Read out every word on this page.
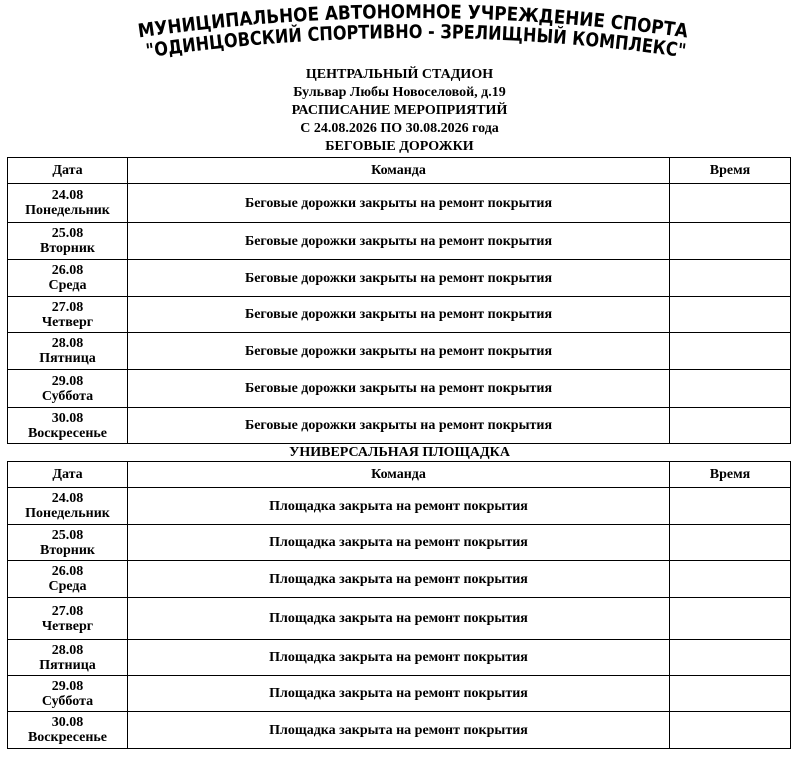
МУНИЦИПАЛЬНОЕ АВТОНОМНОЕ УЧРЕЖДЕНИЕ СПОРТА
"ОДИНЦОВСКИЙ СПОРТИВНО - ЗРЕЛИЩНЫЙ КОМПЛЕКС"
ЦЕНТРАЛЬНЫЙ СТАДИОН
Бульвар Любы Новоселовой, д.19
РАСПИСАНИЕ МЕРОПРИЯТИЙ
С 24.08.2026 ПО 30.08.2026 года
БЕГОВЫЕ ДОРОЖКИ
Дата	Команда	Время

24.08
Понедельник	Беговые дорожки закрыты на ремонт покрытия	

25.08
Вторник	Беговые дорожки закрыты на ремонт покрытия	

26.08
Среда	Беговые дорожки закрыты на ремонт покрытия	

27.08
Четверг	Беговые дорожки закрыты на ремонт покрытия	

28.08
Пятница	Беговые дорожки закрыты на ремонт покрытия	

29.08
Суббота	Беговые дорожки закрыты на ремонт покрытия	

30.08
Воскресенье	Беговые дорожки закрыты на ремонт покрытия	
УНИВЕРСАЛЬНАЯ ПЛОЩАДКА
Дата	Команда	Время

24.08
Понедельник	Площадка закрыта на ремонт покрытия	

25.08
Вторник	Площадка закрыта на ремонт покрытия	

26.08
Среда	Площадка закрыта на ремонт покрытия	

27.08
Четверг	Площадка закрыта на ремонт покрытия	

28.08
Пятница	Площадка закрыта на ремонт покрытия	

29.08
Суббота	Площадка закрыта на ремонт покрытия	

30.08
Воскресенье	Площадка закрыта на ремонт покрытия	
